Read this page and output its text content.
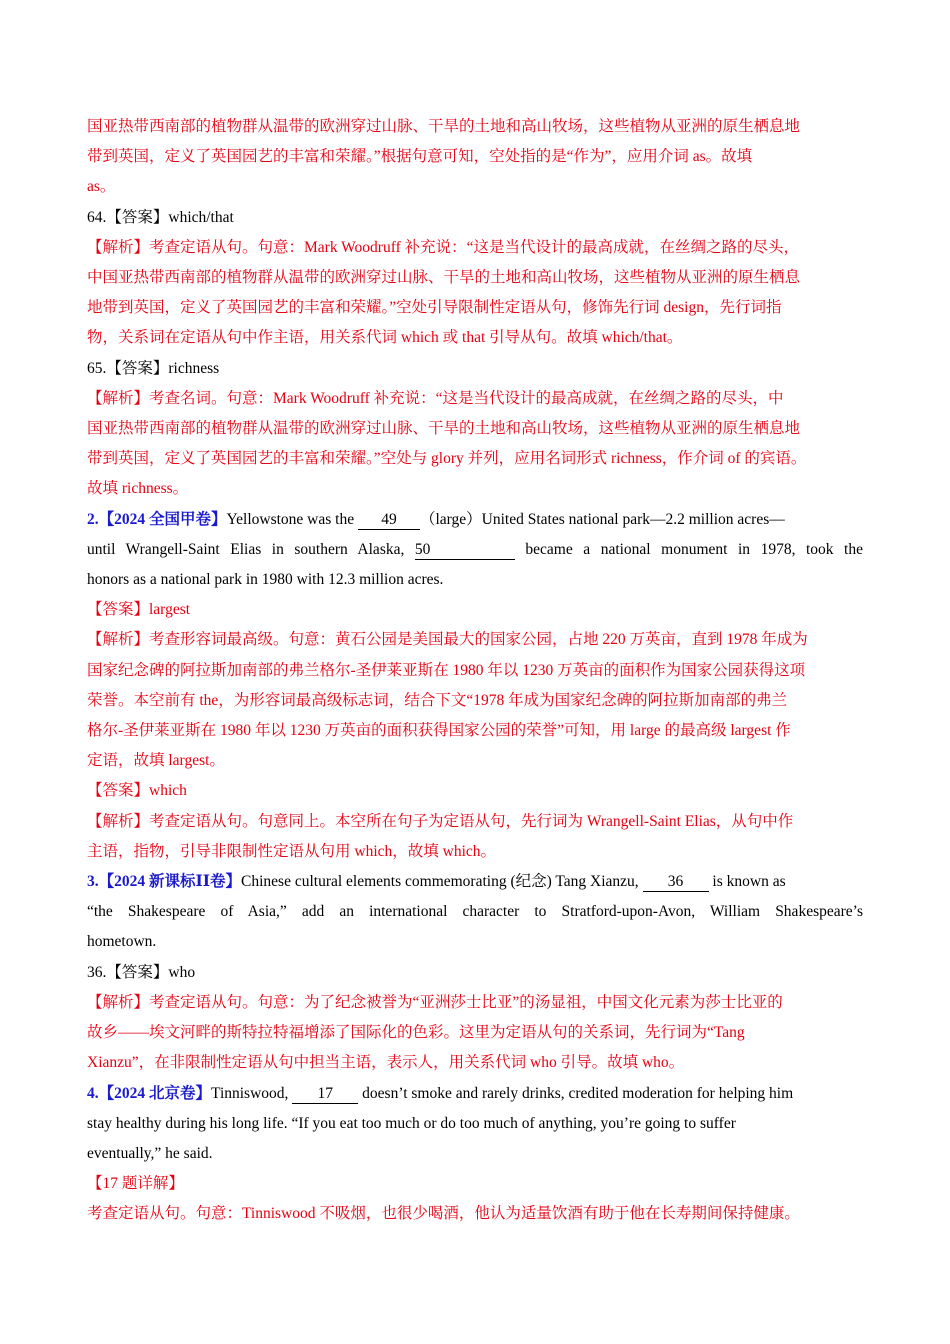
国亚热带西南部的植物群从温带的欧洲穿过山脉、干旱的土地和高山牧场，这些植物从亚洲的原生栖息地
带到英国，定义了英国园艺的丰富和荣耀。”根据句意可知，空处指的是“作为”，应用介词 as。故填
as。
64.【答案】which/that
【解析】考查定语从句。句意：Mark Woodruff 补充说：“这是当代设计的最高成就，在丝绸之路的尽头，
中国亚热带西南部的植物群从温带的欧洲穿过山脉、干旱的土地和高山牧场，这些植物从亚洲的原生栖息
地带到英国，定义了英国园艺的丰富和荣耀。”空处引导限制性定语从句，修饰先行词 design，先行词指
物，关系词在定语从句中作主语，用关系代词 which 或 that 引导从句。故填 which/that。
65.【答案】richness
【解析】考查名词。句意：Mark Woodruff 补充说：“这是当代设计的最高成就，在丝绸之路的尽头，中
国亚热带西南部的植物群从温带的欧洲穿过山脉、干旱的土地和高山牧场，这些植物从亚洲的原生栖息地
带到英国，定义了英国园艺的丰富和荣耀。”空处与 glory 并列，应用名词形式 richness，作介词 of 的宾语。
故填 richness。
2.【2024 全国甲卷】Yellowstone was the 49 （large）United States national park—2.2 million acres—
until Wrangell-Saint Elias in southern Alaska, 50	became a national monument in 1978, took the
honors as a national park in 1980 with 12.3 million acres.
【答案】largest
【解析】考查形容词最高级。句意：黄石公园是美国最大的国家公园，占地 220 万英亩，直到 1978 年成为
国家纪念碑的阿拉斯加南部的弗兰格尔-圣伊莱亚斯在 1980 年以 1230 万英亩的面积作为国家公园获得这项
荣誉。本空前有 the，为形容词最高级标志词，结合下文“1978 年成为国家纪念碑的阿拉斯加南部的弗兰
格尔-圣伊莱亚斯在 1980 年以 1230 万英亩的面积获得国家公园的荣誉”可知，用 large 的最高级 largest 作
定语，故填 largest。
【答案】which
【解析】考查定语从句。句意同上。本空所在句子为定语从句，先行词为 Wrangell-Saint Elias，从句中作
主语，指物，引导非限制性定语从句用 which，故填 which。
3.【2024 新课标ⅠⅠ卷】Chinese cultural elements commemorating (纪念) Tang Xianzu, 36 is known as
“the Shakespeare of Asia,” add an international character to Stratford-upon-Avon, William Shakespeare’s
hometown.
36.【答案】who
【解析】考查定语从句。句意：为了纪念被誉为“亚洲莎士比亚”的汤显祖，中国文化元素为莎士比亚的
故乡——埃文河畔的斯特拉特福增添了国际化的色彩。这里为定语从句的关系词，先行词为“Tang
Xianzu”，在非限制性定语从句中担当主语，表示人，用关系代词 who 引导。故填 who。
4.【2024 北京卷】Tinniswood, 17 doesn’t smoke and rarely drinks, credited moderation for helping him
stay healthy during his long life. “If you eat too much or do too much of anything, you’re going to suffer
eventually,” he said.
【17 题详解】
考查定语从句。句意：Tinniswood 不吸烟，也很少喝酒，他认为适量饮酒有助于他在长寿期间保持健康。
